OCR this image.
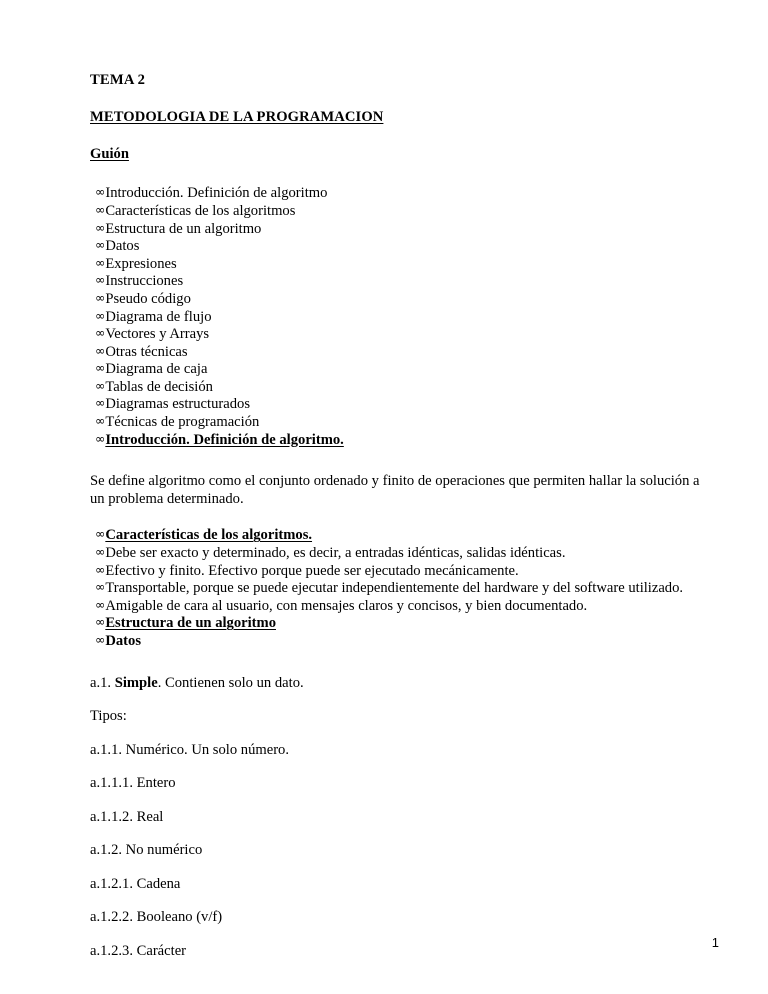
TEMA 2
METODOLOGIA DE LA PROGRAMACION
Guión
∞Introducción. Definición de algoritmo
∞Características de los algoritmos
∞Estructura de un algoritmo
∞Datos
∞Expresiones
∞Instrucciones
∞Pseudo código
∞Diagrama de flujo
∞Vectores y Arrays
∞Otras técnicas
∞Diagrama de caja
∞Tablas de decisión
∞Diagramas estructurados
∞Técnicas de programación
∞Introducción. Definición de algoritmo.

Se define algoritmo como el conjunto ordenado y finito de operaciones que permiten hallar la solución a un problema determinado.

∞Características de los algoritmos.
∞Debe ser exacto y determinado, es decir, a entradas idénticas, salidas idénticas.
∞Efectivo y finito. Efectivo porque puede ser ejecutado mecánicamente.
∞Transportable, porque se puede ejecutar independientemente del hardware y del software utilizado.
∞Amigable de cara al usuario, con mensajes claros y concisos, y bien documentado.
∞Estructura de un algoritmo
∞Datos
a.1. Simple. Contienen solo un dato.
Tipos:
a.1.1. Numérico. Un solo número.
a.1.1.1. Entero
a.1.1.2. Real
a.1.2. No numérico
a.1.2.1. Cadena
a.1.2.2. Booleano (v/f)
a.1.2.3. Carácter
1
